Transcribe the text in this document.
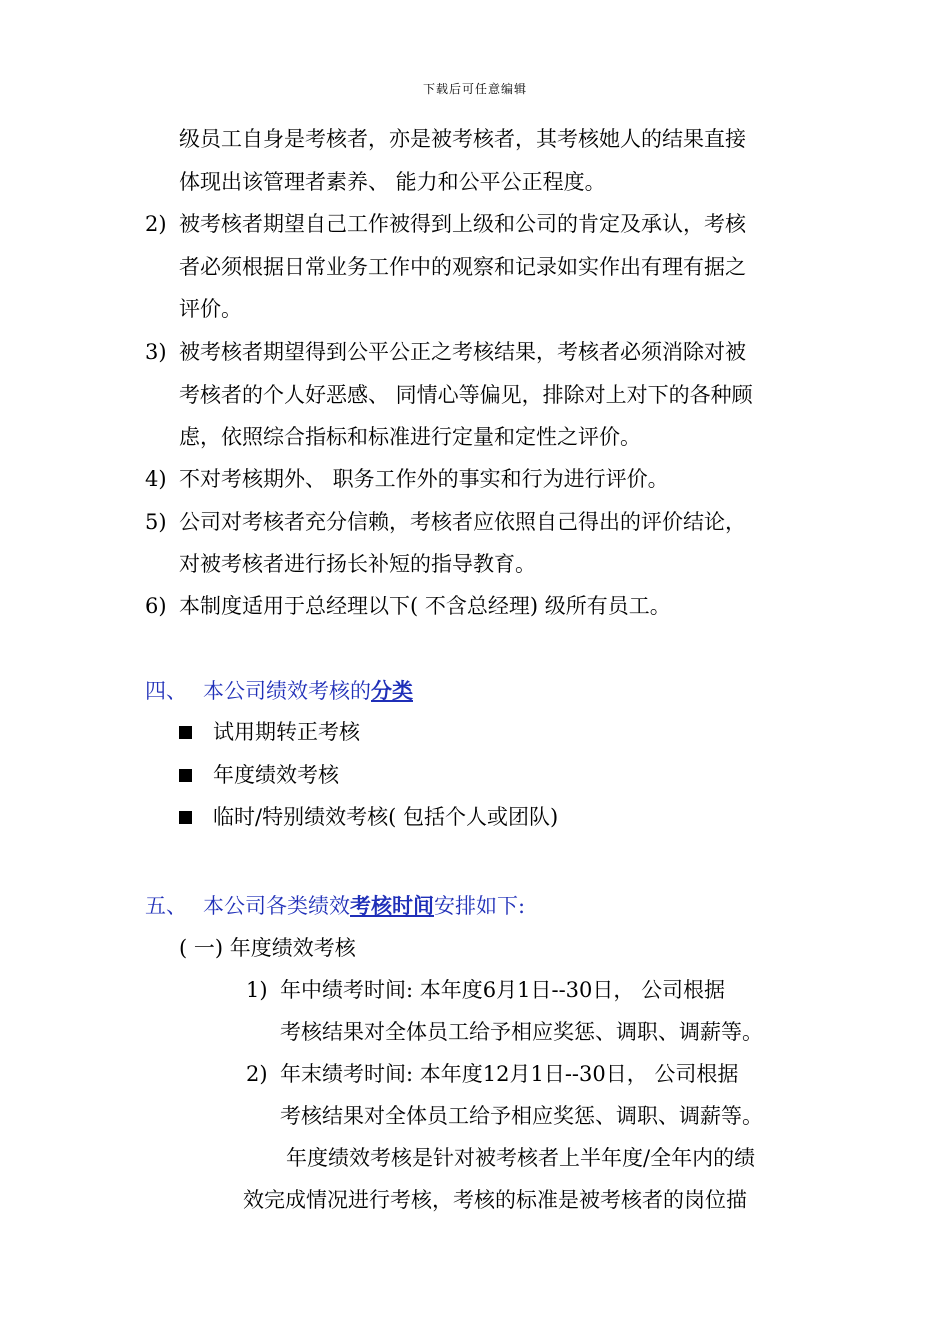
下载后可任意编辑
级员工自身是考核者，亦是被考核者，其考核她人的结果直接
体现出该管理者素养、 能力和公平公正程度。
2) 被考核者期望自己工作被得到上级和公司的肯定及承认，考核
者必须根据日常业务工作中的观察和记录如实作出有理有据之
评价。
3) 被考核者期望得到公平公正之考核结果，考核者必须消除对被
考核者的个人好恶感、 同情心等偏见，排除对上对下的各种顾
虑，依照综合指标和标准进行定量和定性之评价。
4) 不对考核期外、 职务工作外的事实和行为进行评价。
5) 公司对考核者充分信赖，考核者应依照自己得出的评价结论，
对被考核者进行扬长补短的指导教育。
6) 本制度适用于总经理以下( 不含总经理) 级所有员工。
四、 本公司绩效考核的分类
试用期转正考核
年度绩效考核
临时/特别绩效考核( 包括个人或团队)
五、 本公司各类绩效考核时间安排如下:
( 一) 年度绩效考核
1) 年中绩考时间: 本年度6月1日--30日， 公司根据
考核结果对全体员工给予相应奖惩、调职、调薪等。
2) 年末绩考时间: 本年度12月1日--30日， 公司根据
考核结果对全体员工给予相应奖惩、调职、调薪等。
年度绩效考核是针对被考核者上半年度/全年内的绩
效完成情况进行考核，考核的标准是被考核者的岗位描
